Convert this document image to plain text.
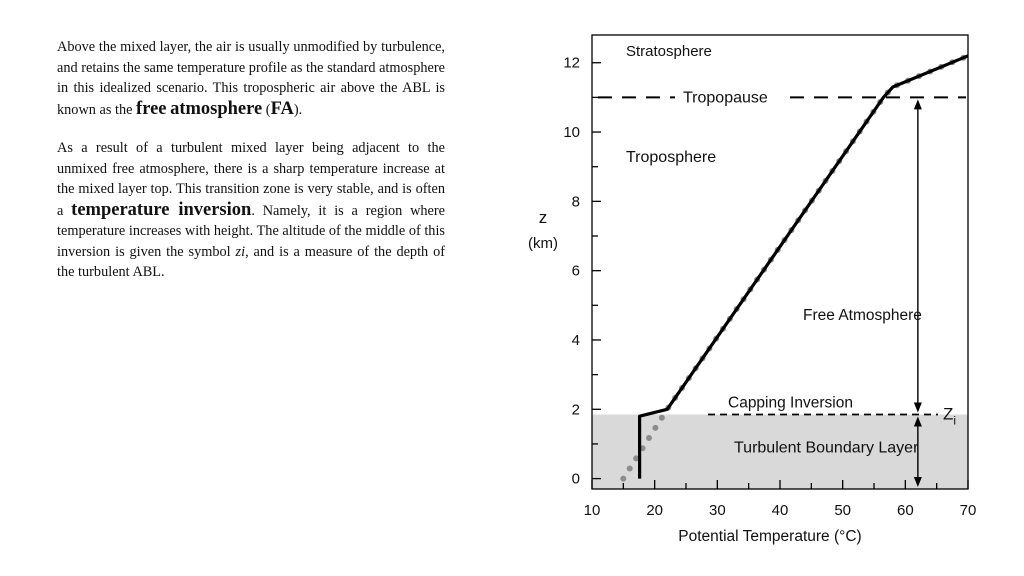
Above the mixed layer, the air is usually unmodified by turbulence, and retains the same temperature profile as the standard atmosphere in this idealized scenario. This tropospheric air above the ABL is known as the free atmosphere (FA).

As a result of a turbulent mixed layer being adjacent to the unmixed free atmosphere, there is a sharp temperature increase at the mixed layer top. This transition zone is very stable, and is often a temperature inversion. Namely, it is a region where temperature increases with height. The altitude of the middle of this inversion is given the symbol zi, and is a measure of the depth of the turbulent ABL.

10	20	30	40	50	60	70
0
2
4
6
8
10
12
Stratosphere
Tropopause
Troposphere
Free Atmosphere
Capping Inversion
Turbulent Boundary Layer
$Z_i$
z
(km)
Potential Temperature (°C)
